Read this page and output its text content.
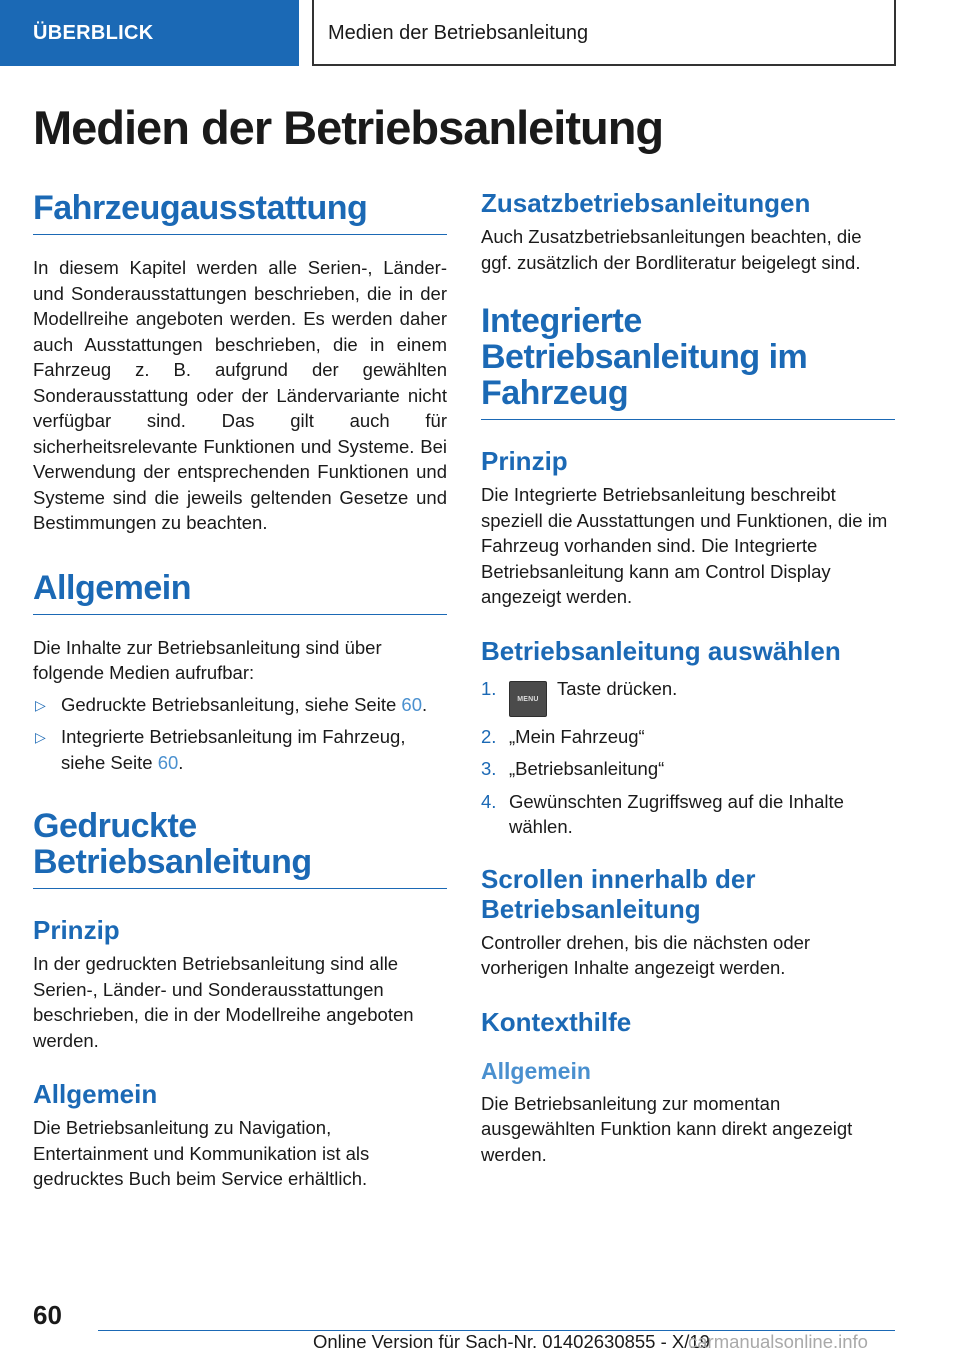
ÜBERBLICK	Medien der Betriebsanleitung
Medien der Betriebsanleitung
Fahrzeugausstattung

In diesem Kapitel werden alle Serien-, Länder- und Sonderausstattungen beschrieben, die in der Modellreihe angeboten werden. Es werden daher auch Ausstattungen beschrieben, die in einem Fahrzeug z. B. aufgrund der gewählten Sonderausstattung oder der Ländervariante nicht verfügbar sind. Das gilt auch für sicherheitsrelevante Funktionen und Systeme. Bei Verwendung der entsprechenden Funktionen und Systeme sind die jeweils geltenden Gesetze und Bestimmungen zu beachten.

Allgemein

Die Inhalte zur Betriebsanleitung sind über folgende Medien aufrufbar:

▷ Gedruckte Betriebsanleitung, siehe Seite 60.
▷ Integrierte Betriebsanleitung im Fahrzeug, siehe Seite 60.
Gedruckte Betriebsanleitung
Prinzip

In der gedruckten Betriebsanleitung sind alle Serien-, Länder- und Sonderausstattungen beschrieben, die in der Modellreihe angeboten werden.

Allgemein

Die Betriebsanleitung zu Navigation, Entertainment und Kommunikation ist als gedrucktes Buch beim Service erhältlich.

Zusatzbetriebsanleitungen

Auch Zusatzbetriebsanleitungen beachten, die ggf. zusätzlich der Bordliteratur beigelegt sind.

Integrierte Betriebsanleitung im Fahrzeug
Prinzip

Die Integrierte Betriebsanleitung beschreibt speziell die Ausstattungen und Funktionen, die im Fahrzeug vorhanden sind. Die Integrierte Betriebsanleitung kann am Control Display angezeigt werden.

Betriebsanleitung auswählen
1.
MENUTaste drücken.
2. „Mein Fahrzeug“
3. „Betriebsanleitung“
4. Gewünschten Zugriffsweg auf die Inhalte wählen.
Scrollen innerhalb der Betriebsanleitung

Controller drehen, bis die nächsten oder vorherigen Inhalte angezeigt werden.

Kontexthilfe
Allgemein

Die Betriebsanleitung zur momentan ausgewählten Funktion kann direkt angezeigt werden.

60
Online Version für Sach-Nr. 01402630855 - X/19
carmanualsonline.info
